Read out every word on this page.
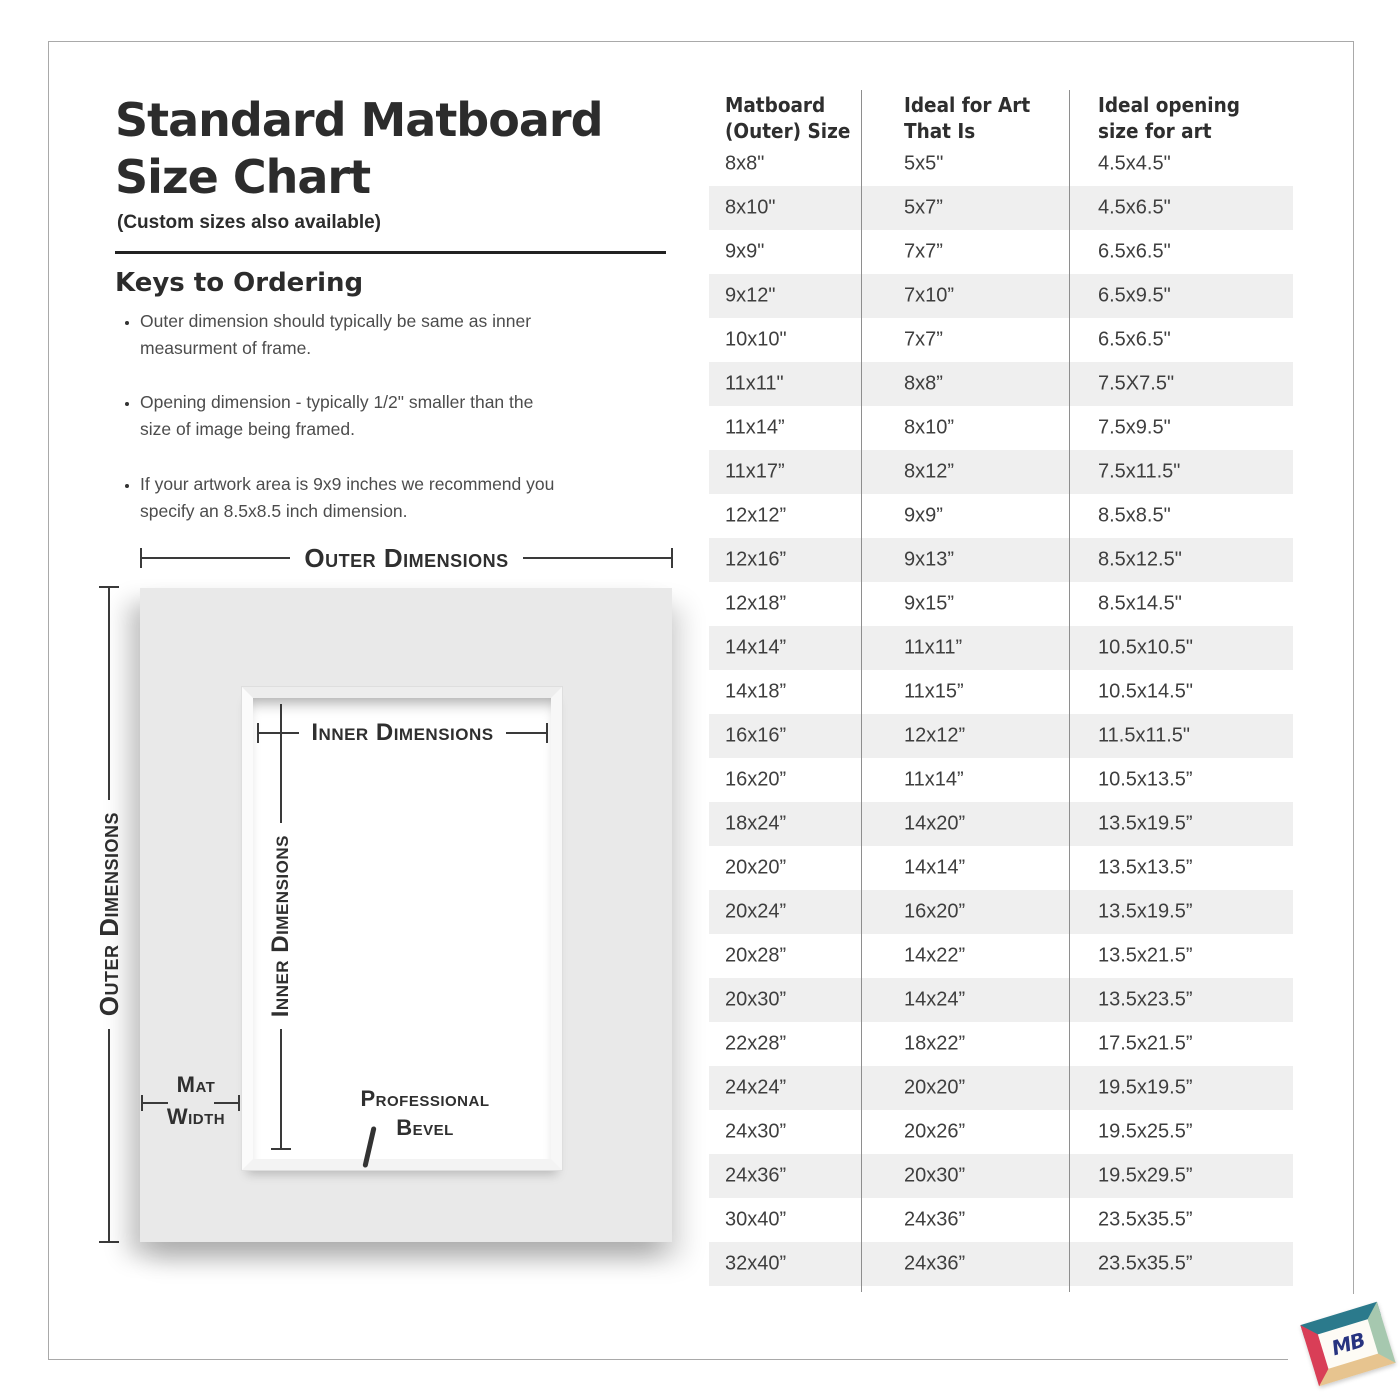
Standard Matboard
Size Chart
(Custom sizes also available)
Keys to Ordering
• Outer dimension should typically be same as inner measurment of frame.
• Opening dimension - typically 1/2" smaller than the size of image being framed.
• If your artwork area is 9x9 inches we recommend you specify an 8.5x8.5 inch dimension.
Outer Dimensions
Outer Dimensions
Inner Dimensions
Inner Dimensions
Mat
Width
Professional
Bevel
Matboard
(Outer) Size
Ideal for Art
That Is
Ideal opening
size for art
8x8"	5x5"	4.5x4.5"
8x10"	5x7”	4.5x6.5"
9x9"	7x7”	6.5x6.5"
9x12"	7x10”	6.5x9.5"
10x10"	7x7”	6.5x6.5"
11x11"	8x8”	7.5X7.5"
11x14”	8x10”	7.5x9.5"
11x17”	8x12”	7.5x11.5"
12x12”	9x9”	8.5x8.5"
12x16”	9x13”	8.5x12.5"
12x18”	9x15”	8.5x14.5"
14x14”	11x11”	10.5x10.5"
14x18”	11x15”	10.5x14.5"
16x16”	12x12”	11.5x11.5"
16x20”	11x14”	10.5x13.5”
18x24”	14x20”	13.5x19.5”
20x20”	14x14”	13.5x13.5”
20x24”	16x20”	13.5x19.5”
20x28”	14x22”	13.5x21.5”
20x30”	14x24”	13.5x23.5”
22x28”	18x22”	17.5x21.5”
24x24”	20x20”	19.5x19.5”
24x30”	20x26”	19.5x25.5”
24x36”	20x30”	19.5x29.5”
30x40”	24x36”	23.5x35.5”
32x40”	24x36”	23.5x35.5”
MB
